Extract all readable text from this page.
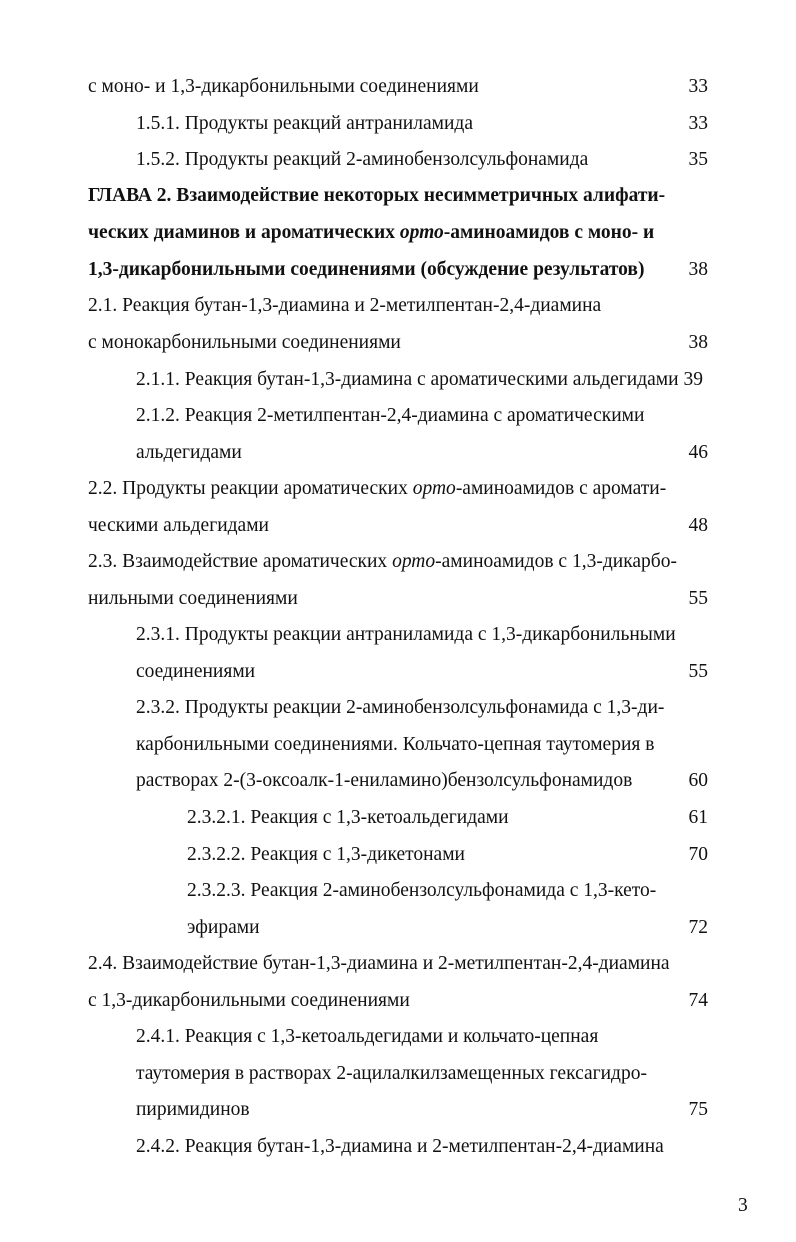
с моно- и 1,3-дикарбонильными соединениями	33
1.5.1. Продукты реакций антраниламида	33
1.5.2. Продукты реакций 2-аминобензолсульфонамида	35
ГЛАВА 2. Взаимодействие некоторых несимметричных алифати-
ческих диаминов и ароматических орто-аминоамидов с моно- и
1,3-дикарбонильными соединениями (обсуждение результатов) 38
2.1. Реакция бутан-1,3-диамина и 2-метилпентан-2,4-диамина
с монокарбонильными соединениями	38
2.1.1. Реакция бутан-1,3-диамина с ароматическими альдегидами 39
2.1.2. Реакция 2-метилпентан-2,4-диамина с ароматическими
альдегидами	46
2.2. Продукты реакции ароматических орто-аминоамидов с аромати-
ческими альдегидами	48
2.3. Взаимодействие ароматических орто-аминоамидов с 1,3-дикарбо-
нильными соединениями	55
2.3.1. Продукты реакции антраниламида с 1,3-дикарбонильными
соединениями	55
2.3.2. Продукты реакции 2-аминобензолсульфонамида с 1,3-ди-
карбонильными соединениями. Кольчато-цепная таутомерия в
растворах 2-(3-оксоалк-1-ениламино)бензолсульфонамидов	60
2.3.2.1. Реакция с 1,3-кетоальдегидами	61
2.3.2.2. Реакция с 1,3-дикетонами	70
2.3.2.3. Реакция 2-аминобензолсульфонамида с 1,3-кето-
эфирами	72
2.4. Взаимодействие бутан-1,3-диамина и 2-метилпентан-2,4-диамина
с 1,3-дикарбонильными соединениями	74
2.4.1. Реакция с 1,3-кетоальдегидами и кольчато-цепная
таутомерия в растворах 2-ацилалкилзамещенных гексагидро-
пиримидинов	75
2.4.2. Реакция бутан-1,3-диамина и 2-метилпентан-2,4-диамина
3
